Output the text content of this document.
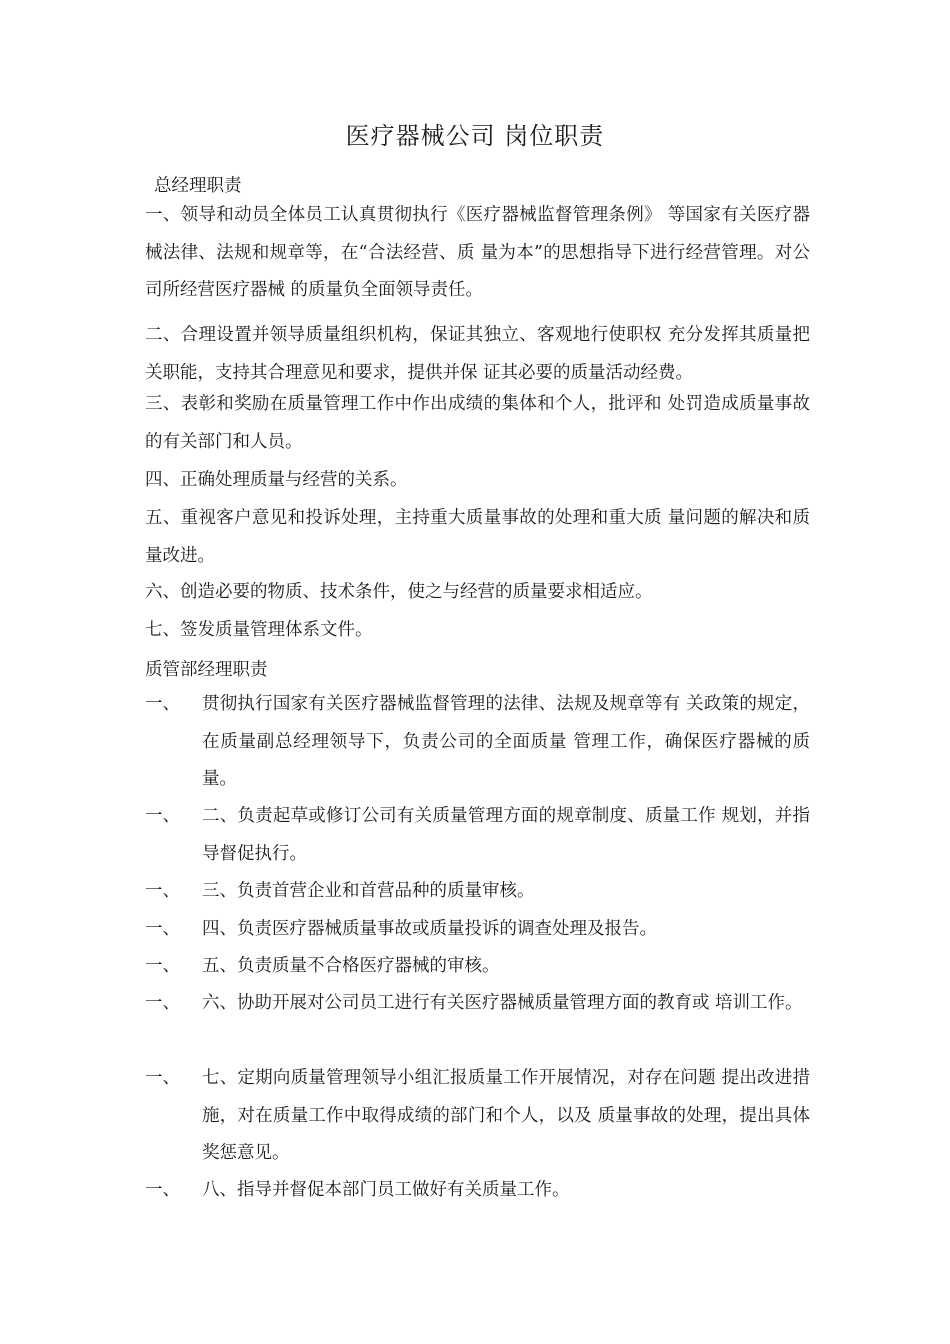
医疗器械公司 岗位职责
总经理职责
一、领导和动员全体员工认真贯彻执行《医疗器械监督管理条例》 等国家有关医疗器械法律、法规和规章等，在“合法经营、质 量为本”的思想指导下进行经营管理。对公司所经营医疗器械 的质量负全面领导责任。
二、合理设置并领导质量组织机构，保证其独立、客观地行使职权 充分发挥其质量把关职能，支持其合理意见和要求，提供并保 证其必要的质量活动经费。
三、表彰和奖励在质量管理工作中作出成绩的集体和个人，批评和 处罚造成质量事故的有关部门和人员。
四、正确处理质量与经营的关系。
五、重视客户意见和投诉处理，主持重大质量事故的处理和重大质 量问题的解决和质量改进。
六、创造必要的物质、技术条件，使之与经营的质量要求相适应。
七、签发质量管理体系文件。
质管部经理职责
一、	贯彻执行国家有关医疗器械监督管理的法律、法规及规章等有 关政策的规定，在质量副总经理领导下，负责公司的全面质量 管理工作，确保医疗器械的质量。
一、	二、负责起草或修订公司有关质量管理方面的规章制度、质量工作 规划，并指导督促执行。
一、	三、负责首营企业和首营品种的质量审核。
一、	四、负责医疗器械质量事故或质量投诉的调查处理及报告。
一、	五、负责质量不合格医疗器械的审核。
一、	六、协助开展对公司员工进行有关医疗器械质量管理方面的教育或 培训工作。
一、	七、定期向质量管理领导小组汇报质量工作开展情况，对存在问题 提出改进措施，对在质量工作中取得成绩的部门和个人，以及 质量事故的处理，提出具体奖惩意见。
一、	八、指导并督促本部门员工做好有关质量工作。
